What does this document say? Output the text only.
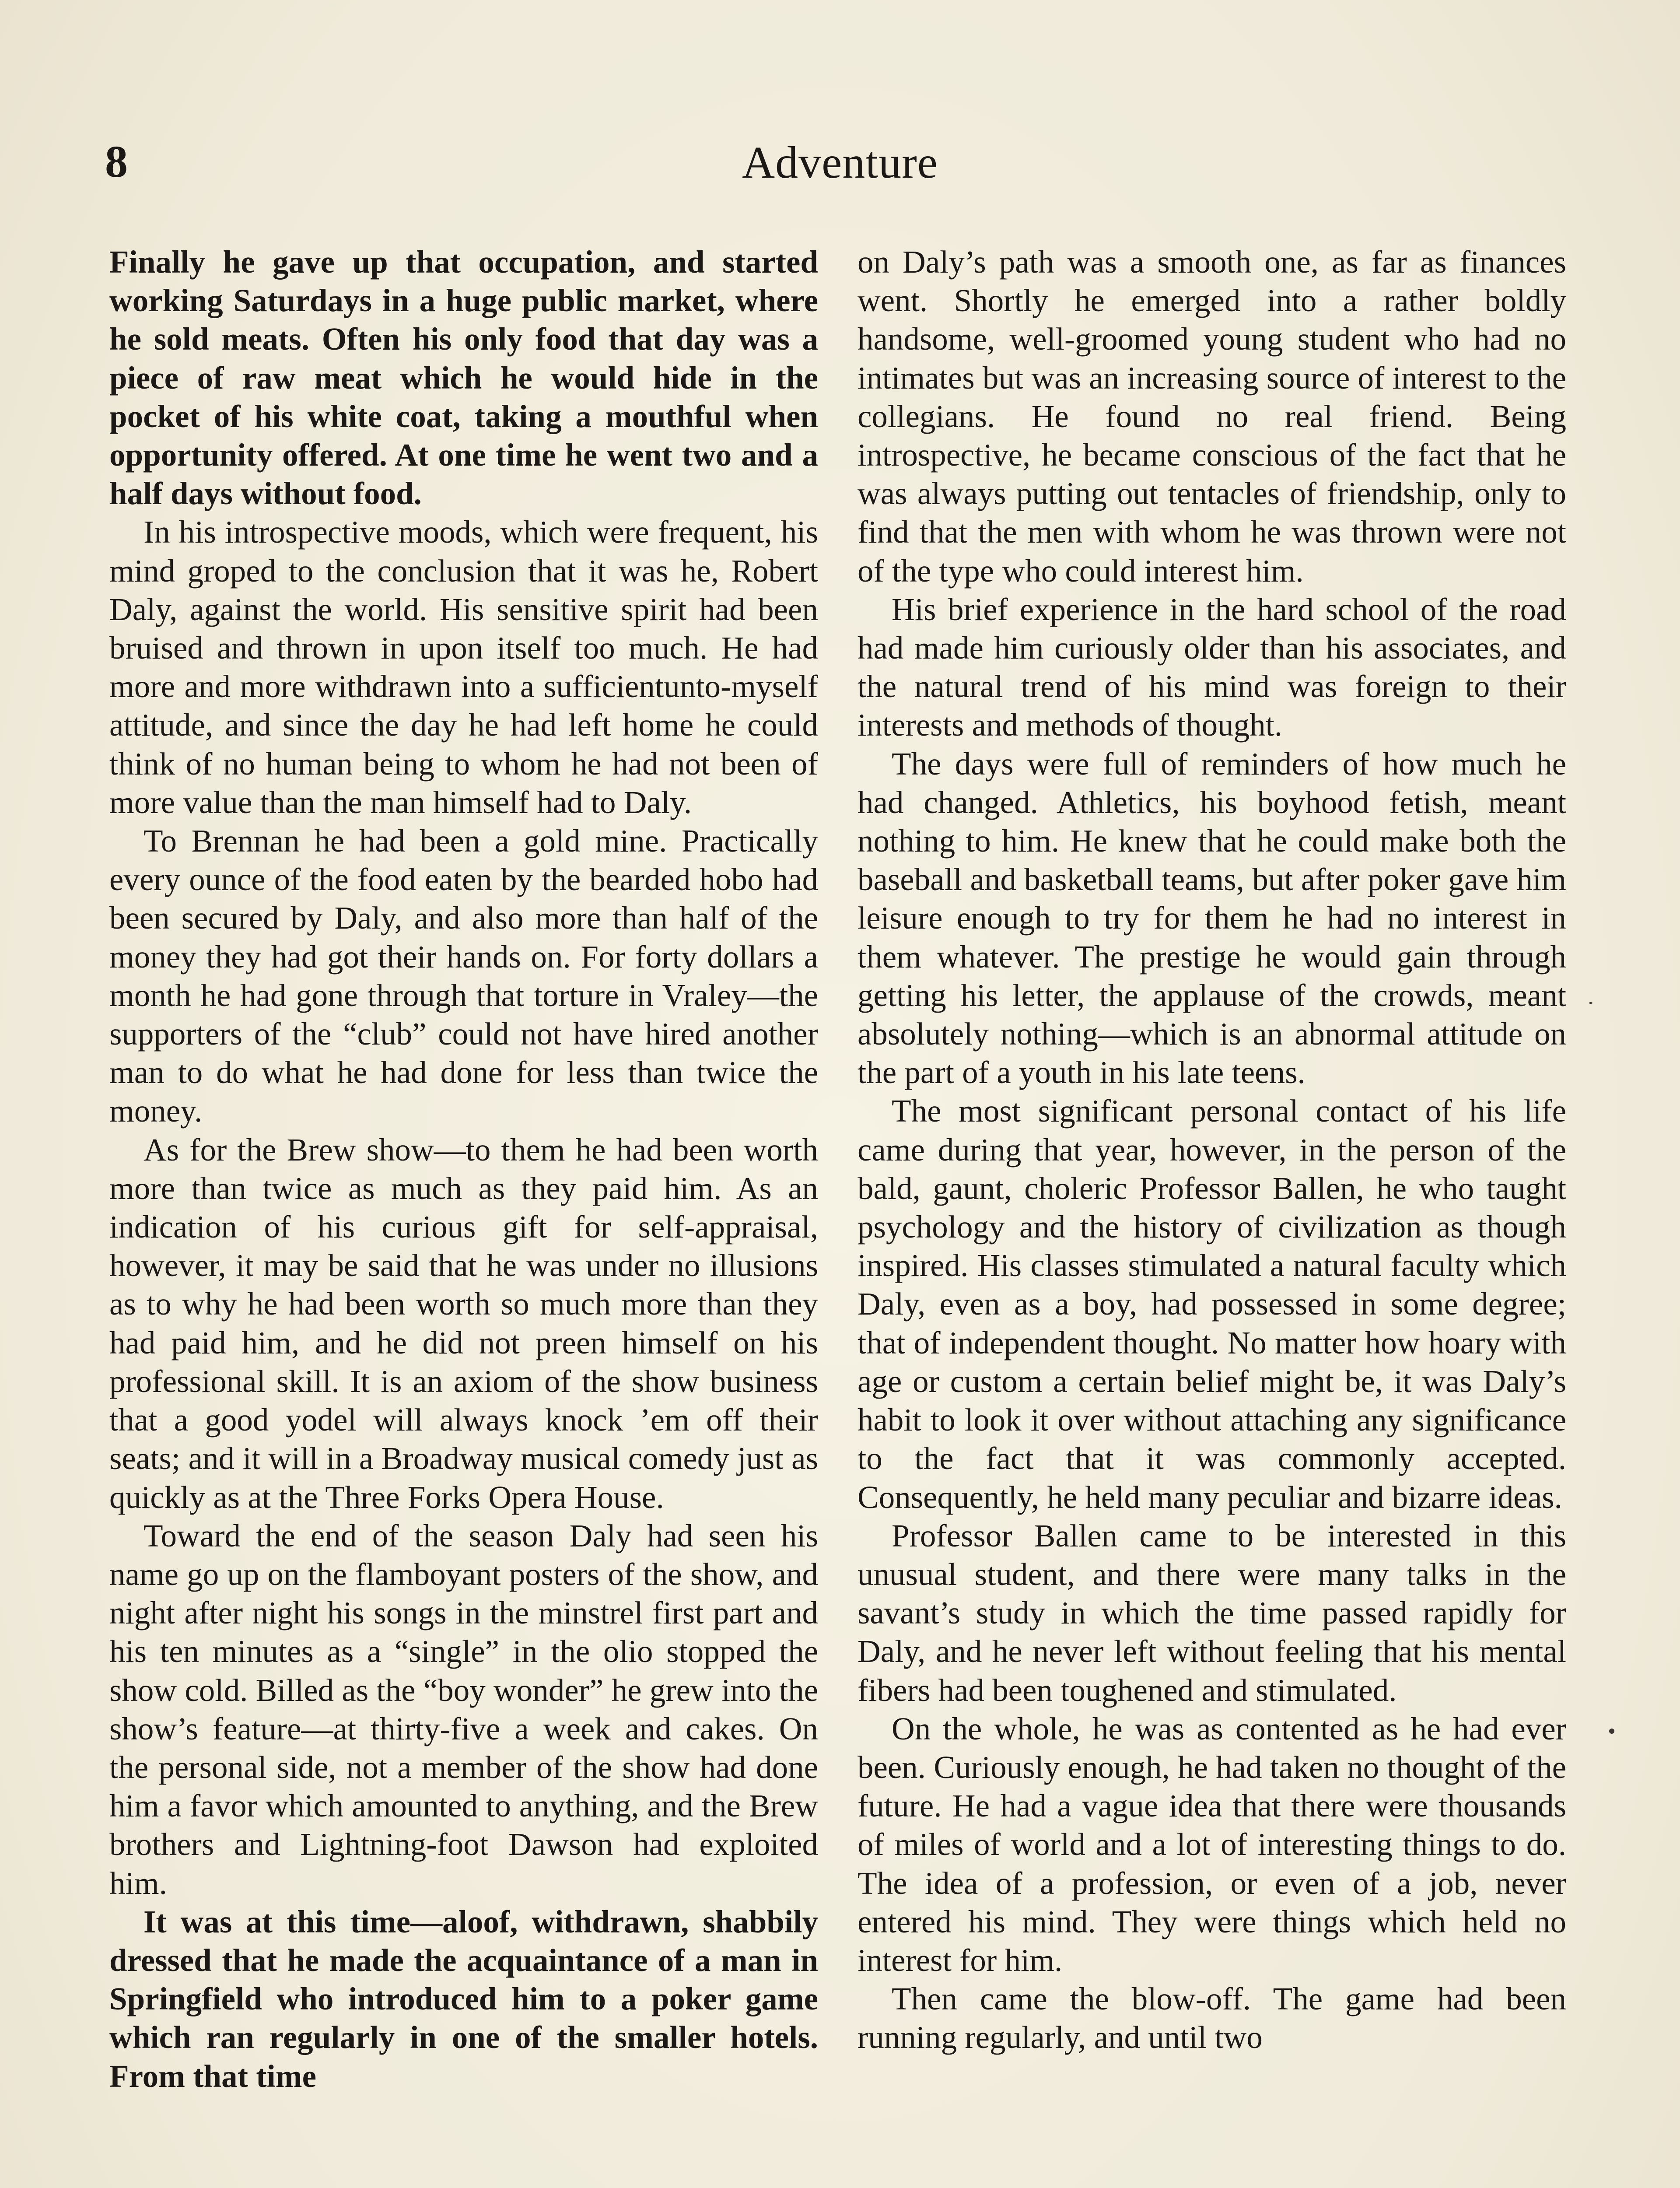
8	Adventure

Finally he gave up that occupation, and started working Saturdays in a huge public market, where he sold meats. Often his only food that day was a piece of raw meat which he would hide in the pocket of his white coat, taking a mouthful when opportunity offered. At one time he went two and a half days without food.

In his introspective moods, which were frequent, his mind groped to the conclusion that it was he, Robert Daly, against the world. His sensitive spirit had been bruised and thrown in upon itself too much. He had more and more withdrawn into a sufficientunto-myself attitude, and since the day he had left home he could think of no human being to whom he had not been of more value than the man himself had to Daly.

To Brennan he had been a gold mine. Practically every ounce of the food eaten by the bearded hobo had been secured by Daly, and also more than half of the money they had got their hands on. For forty dollars a month he had gone through that torture in Vraley—the supporters of the “club” could not have hired another man to do what he had done for less than twice the money.

As for the Brew show—to them he had been worth more than twice as much as they paid him. As an indication of his curious gift for self-appraisal, however, it may be said that he was under no illusions as to why he had been worth so much more than they had paid him, and he did not preen himself on his professional skill. It is an axiom of the show business that a good yodel will always knock ’em off their seats; and it will in a Broadway musical comedy just as quickly as at the Three Forks Opera House.

Toward the end of the season Daly had seen his name go up on the flamboyant posters of the show, and night after night his songs in the minstrel first part and his ten minutes as a “single” in the olio stopped the show cold. Billed as the “boy wonder” he grew into the show’s feature—at thirty-five a week and cakes. On the personal side, not a member of the show had done him a favor which amounted to anything, and the Brew brothers and Lightning-foot Dawson had exploited him.

It was at this time—aloof, withdrawn, shabbily dressed that he made the acquaintance of a man in Springfield who introduced him to a poker game which ran regularly in one of the smaller hotels. From that time

on Daly’s path was a smooth one, as far as finances went. Shortly he emerged into a rather boldly handsome, well-groomed young student who had no intimates but was an increasing source of interest to the collegians. He found no real friend. Being introspective, he became conscious of the fact that he was always putting out tentacles of friendship, only to find that the men with whom he was thrown were not of the type who could interest him.

His brief experience in the hard school of the road had made him curiously older than his associates, and the natural trend of his mind was foreign to their interests and methods of thought.

The days were full of reminders of how much he had changed. Athletics, his boyhood fetish, meant nothing to him. He knew that he could make both the baseball and basketball teams, but after poker gave him leisure enough to try for them he had no interest in them whatever. The prestige he would gain through getting his letter, the applause of the crowds, meant absolutely nothing—which is an abnormal attitude on the part of a youth in his late teens.

The most significant personal contact of his life came during that year, however, in the person of the bald, gaunt, choleric Professor Ballen, he who taught psychology and the history of civilization as though inspired. His classes stimulated a natural faculty which Daly, even as a boy, had possessed in some degree; that of independent thought. No matter how hoary with age or custom a certain belief might be, it was Daly’s habit to look it over without attaching any significance to the fact that it was commonly accepted. Consequently, he held many peculiar and bizarre ideas.

Professor Ballen came to be interested in this unusual student, and there were many talks in the savant’s study in which the time passed rapidly for Daly, and he never left without feeling that his mental fibers had been toughened and stimulated.

On the whole, he was as contented as he had ever been. Curiously enough, he had taken no thought of the future. He had a vague idea that there were thousands of miles of world and a lot of interesting things to do. The idea of a profession, or even of a job, never entered his mind. They were things which held no interest for him.

Then came the blow-off. The game had been running regularly, and until two
